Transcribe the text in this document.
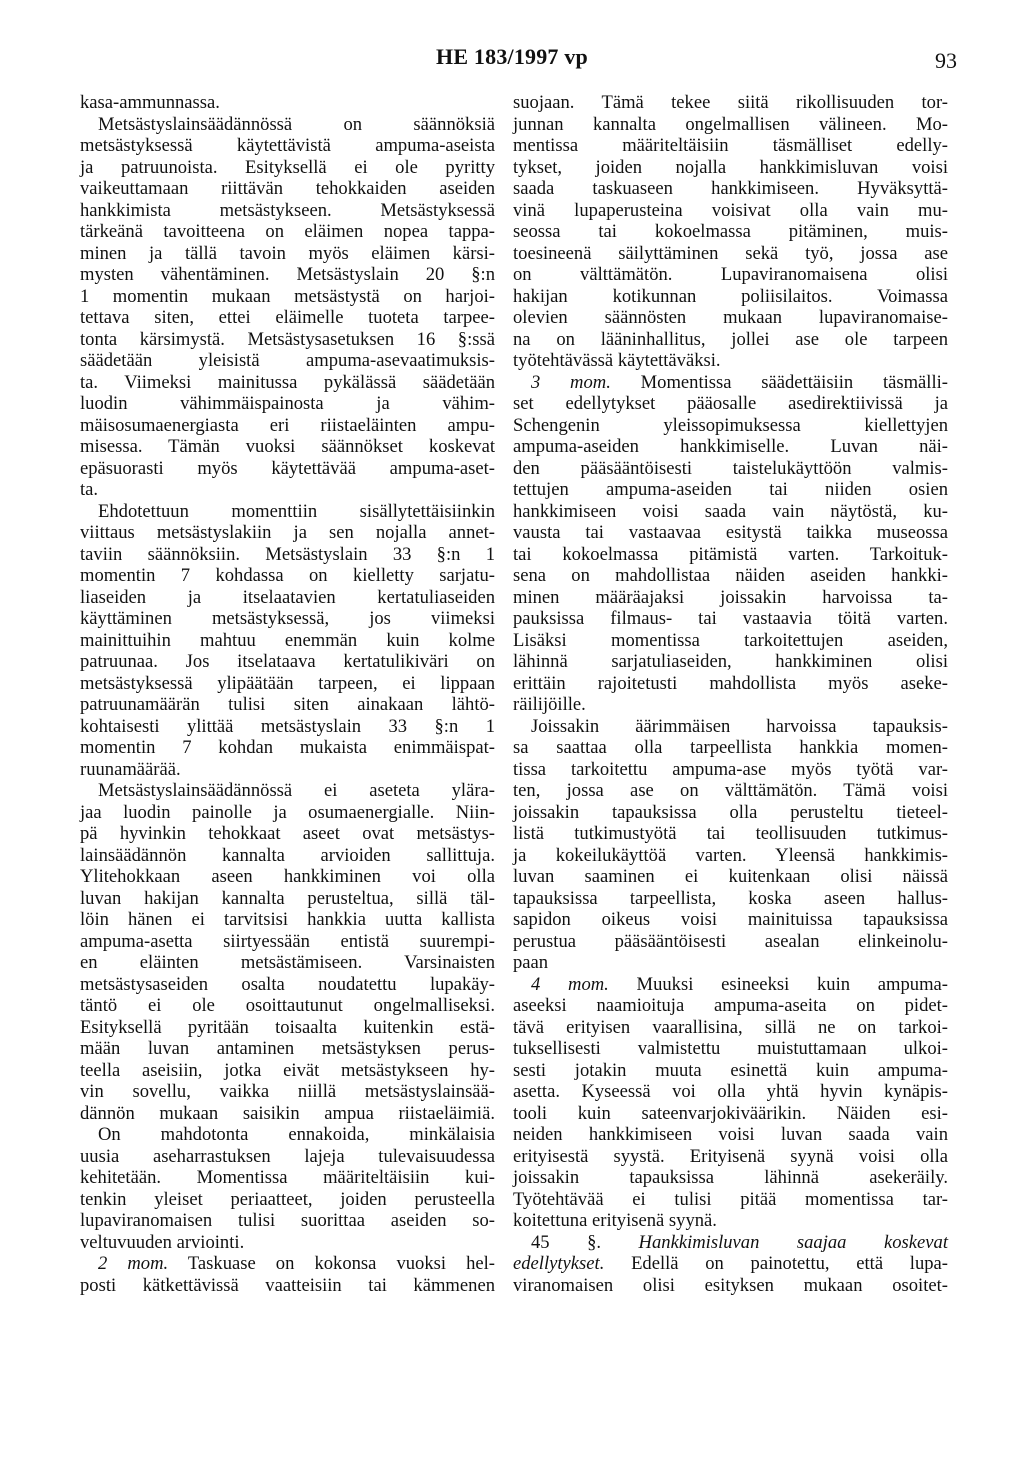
HE 183/1997 vp	93
kasa-ammunnassa.
Metsästyslainsäädännössä on säännöksiä
metsästyksessä käytettävistä ampuma-aseista
ja patruunoista. Esityksellä ei ole pyritty
vaikeuttamaan riittävän tehokkaiden aseiden
hankkimista metsästykseen. Metsästyksessä
tärkeänä tavoitteena on eläimen nopea tappa-
minen ja tällä tavoin myös eläimen kärsi-
mysten vähentäminen. Metsästyslain 20 §:n
1 momentin mukaan metsästystä on harjoi-
tettava siten, ettei eläimelle tuoteta tarpee-
tonta kärsimystä. Metsästysasetuksen 16 §:ssä
säädetään yleisistä ampuma-asevaatimuksis-
ta. Viimeksi mainitussa pykälässä säädetään
luodin vähimmäispainosta ja vähim-
mäisosumaenergiasta eri riistaeläinten ampu-
misessa. Tämän vuoksi säännökset koskevat
epäsuorasti myös käytettävää ampuma-aset-
ta.
Ehdotettuun momenttiin sisällytettäisiinkin
viittaus metsästyslakiin ja sen nojalla annet-
taviin säännöksiin. Metsästyslain 33 §:n 1
momentin 7 kohdassa on kielletty sarjatu-
liaseiden ja itselaatavien kertatuliaseiden
käyttäminen metsästyksessä, jos viimeksi
mainittuihin mahtuu enemmän kuin kolme
patruunaa. Jos itselataava kertatulikiväri on
metsästyksessä ylipäätään tarpeen, ei lippaan
patruunamäärän tulisi siten ainakaan lähtö-
kohtaisesti ylittää metsästyslain 33 §:n 1
momentin 7 kohdan mukaista enimmäispat-
ruunamäärää.
Metsästyslainsäädännössä ei aseteta ylära-
jaa luodin painolle ja osumaenergialle. Niin-
pä hyvinkin tehokkaat aseet ovat metsästys-
lainsäädännön kannalta arvioiden sallittuja.
Ylitehokkaan aseen hankkiminen voi olla
luvan hakijan kannalta perusteltua, sillä täl-
löin hänen ei tarvitsisi hankkia uutta kallista
ampuma-asetta siirtyessään entistä suurempi-
en eläinten metsästämiseen. Varsinaisten
metsästysaseiden osalta noudatettu lupakäy-
täntö ei ole osoittautunut ongelmalliseksi.
Esityksellä pyritään toisaalta kuitenkin estä-
mään luvan antaminen metsästyksen perus-
teella aseisiin, jotka eivät metsästykseen hy-
vin sovellu, vaikka niillä metsästyslainsää-
dännön mukaan saisikin ampua riistaeläimiä.
On mahdotonta ennakoida, minkälaisia
uusia aseharrastuksen lajeja tulevaisuudessa
kehitetään. Momentissa määriteltäisiin kui-
tenkin yleiset periaatteet, joiden perusteella
lupaviranomaisen tulisi suorittaa aseiden so-
veltuvuuden arviointi.
2 mom. Taskuase on kokonsa vuoksi hel-
posti kätkettävissä vaatteisiin tai kämmenen
suojaan. Tämä tekee siitä rikollisuuden tor-
junnan kannalta ongelmallisen välineen. Mo-
mentissa määriteltäisiin täsmälliset edelly-
tykset, joiden nojalla hankkimisluvan voisi
saada taskuaseen hankkimiseen. Hyväksyttä-
vinä lupaperusteina voisivat olla vain mu-
seossa tai kokoelmassa pitäminen, muis-
toesineenä säilyttäminen sekä työ, jossa ase
on välttämätön. Lupaviranomaisena olisi
hakijan kotikunnan poliisilaitos. Voimassa
olevien säännösten mukaan lupaviranomaise-
na on lääninhallitus, jollei ase ole tarpeen
työtehtävässä käytettäväksi.
3 mom. Momentissa säädettäisiin täsmälli-
set edellytykset pääosalle asedirektiivissä ja
Schengenin yleissopimuksessa kiellettyjen
ampuma-aseiden hankkimiselle. Luvan näi-
den pääsääntöisesti taistelukäyttöön valmis-
tettujen ampuma-aseiden tai niiden osien
hankkimiseen voisi saada vain näytöstä, ku-
vausta tai vastaavaa esitystä taikka museossa
tai kokoelmassa pitämistä varten. Tarkoituk-
sena on mahdollistaa näiden aseiden hankki-
minen määräajaksi joissakin harvoissa ta-
pauksissa filmaus- tai vastaavia töitä varten.
Lisäksi momentissa tarkoitettujen aseiden,
lähinnä sarjatuliaseiden, hankkiminen olisi
erittäin rajoitetusti mahdollista myös aseke-
räilijöille.
Joissakin äärimmäisen harvoissa tapauksis-
sa saattaa olla tarpeellista hankkia momen-
tissa tarkoitettu ampuma-ase myös työtä var-
ten, jossa ase on välttämätön. Tämä voisi
joissakin tapauksissa olla perusteltu tieteel-
listä tutkimustyötä tai teollisuuden tutkimus-
ja kokeilukäyttöä varten. Yleensä hankkimis-
luvan saaminen ei kuitenkaan olisi näissä
tapauksissa tarpeellista, koska aseen hallus-
sapidon oikeus voisi mainituissa tapauksissa
perustua pääsääntöisesti asealan elinkeinolu-
paan
4 mom. Muuksi esineeksi kuin ampuma-
aseeksi naamioituja ampuma-aseita on pidet-
tävä erityisen vaarallisina, sillä ne on tarkoi-
tuksellisesti valmistettu muistuttamaan ulkoi-
sesti jotakin muuta esinettä kuin ampuma-
asetta. Kyseessä voi olla yhtä hyvin kynäpis-
tooli kuin sateenvarjokiväärikin. Näiden esi-
neiden hankkimiseen voisi luvan saada vain
erityisestä syystä. Erityisenä syynä voisi olla
joissakin tapauksissa lähinnä asekeräily.
Työtehtävää ei tulisi pitää momentissa tar-
koitettuna erityisenä syynä.
45 §. Hankkimisluvan saajaa koskevat
edellytykset. Edellä on painotettu, että lupa-
viranomaisen olisi esityksen mukaan osoitet-
